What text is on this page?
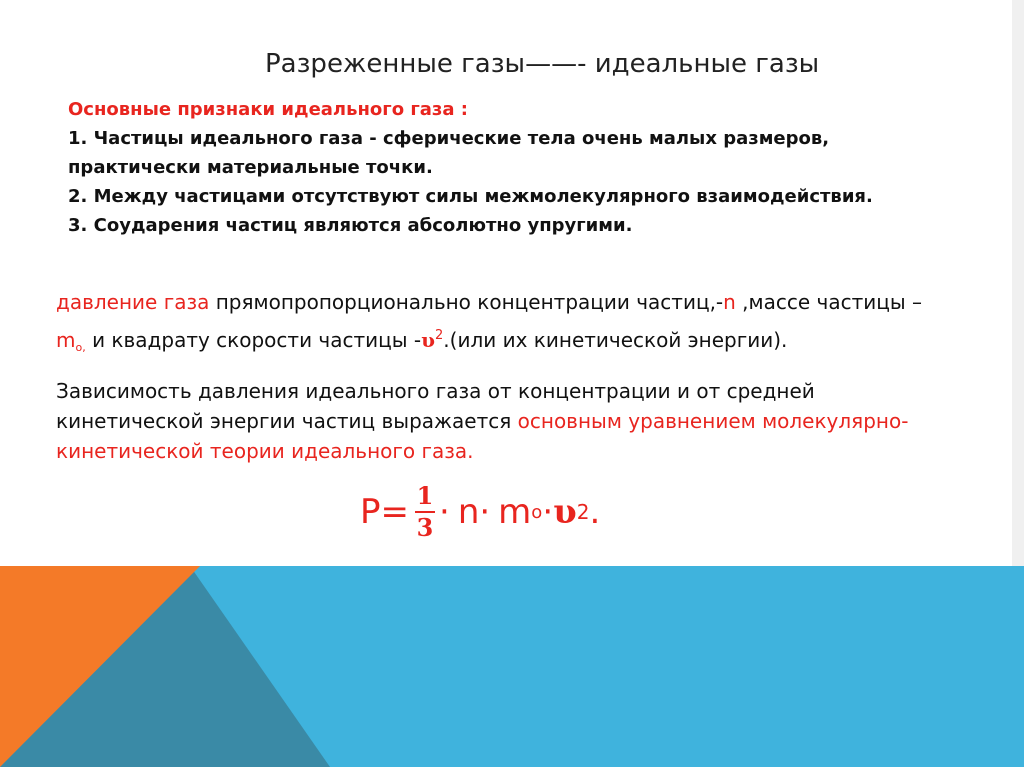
Разреженные газы——- идеальные газы
Основные признаки идеального газа :
1. Частицы идеального газа - сферические тела очень малых размеров,
практически материальные точки.
2. Между частицами отсутствуют силы межмолекулярного взаимодействия.
3. Соударения частиц являются абсолютно упругими.
давление газа прямопропорционально концентрации частиц,-n ,массе частицы –
$m_{o,}$ и квадрату скорости частицы $-\upsilon^2.(или$ их кинетической энергии).
Зависимость давления идеального газа от концентрации и от средней
кинетической энергии частиц выражается основным уравнением молекулярно-
кинетической теории идеального газа.
$P= \frac{1}{3} \cdot n\cdot m$ o · υ 2 .
